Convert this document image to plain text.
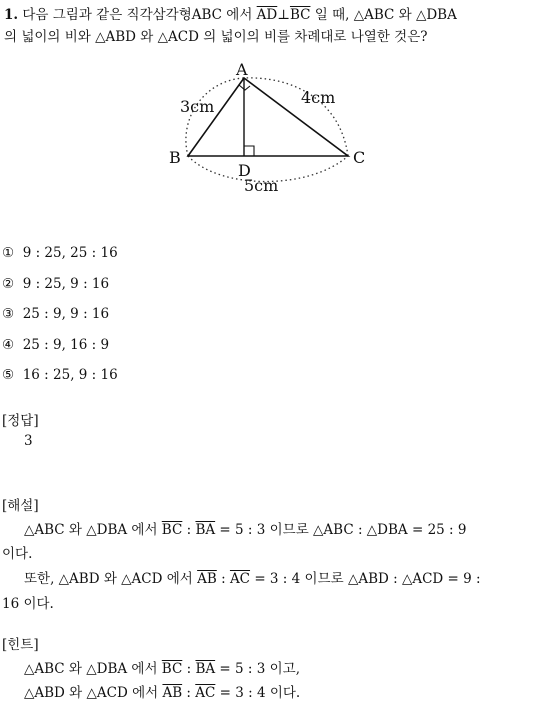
1. 다음 그림과 같은 직각삼각형ABC 에서 $\overline{AD}\perp\overline{BC}$ 일 때, △ABC 와 △DBA
의 넓이의 비와 △ABD 와 △ACD 의 넓이의 비를 차례대로 나열한 것은?
A
B	C
D
3cm	4cm
5cm
① 9 : 25, 25 : 16
② 9 : 25, 9 : 16
③ 25 : 9, 9 : 16
④ 25 : 9, 16 : 9
⑤ 16 : 25, 9 : 16
[정답]
3
[해설]
△ABC 와 △DBA 에서 $\overline{BC}$ : $\overline{BA} = 5$ : 3 이므로 △ABC : △DBA = 25 : 9
이다.
또한, △ABD 와 △ACD 에서 $\overline{AB}$ : $\overline{AC} = 3$ : 4 이므로 △ABD : △ACD = 9 :
16 이다.
[힌트]
△ABC 와 △DBA 에서 $\overline{BC}$ : $\overline{BA} = 5$ : 3 이고,
△ABD 와 △ACD 에서 $\overline{AB}$ : $\overline{AC} = 3$ : 4 이다.
